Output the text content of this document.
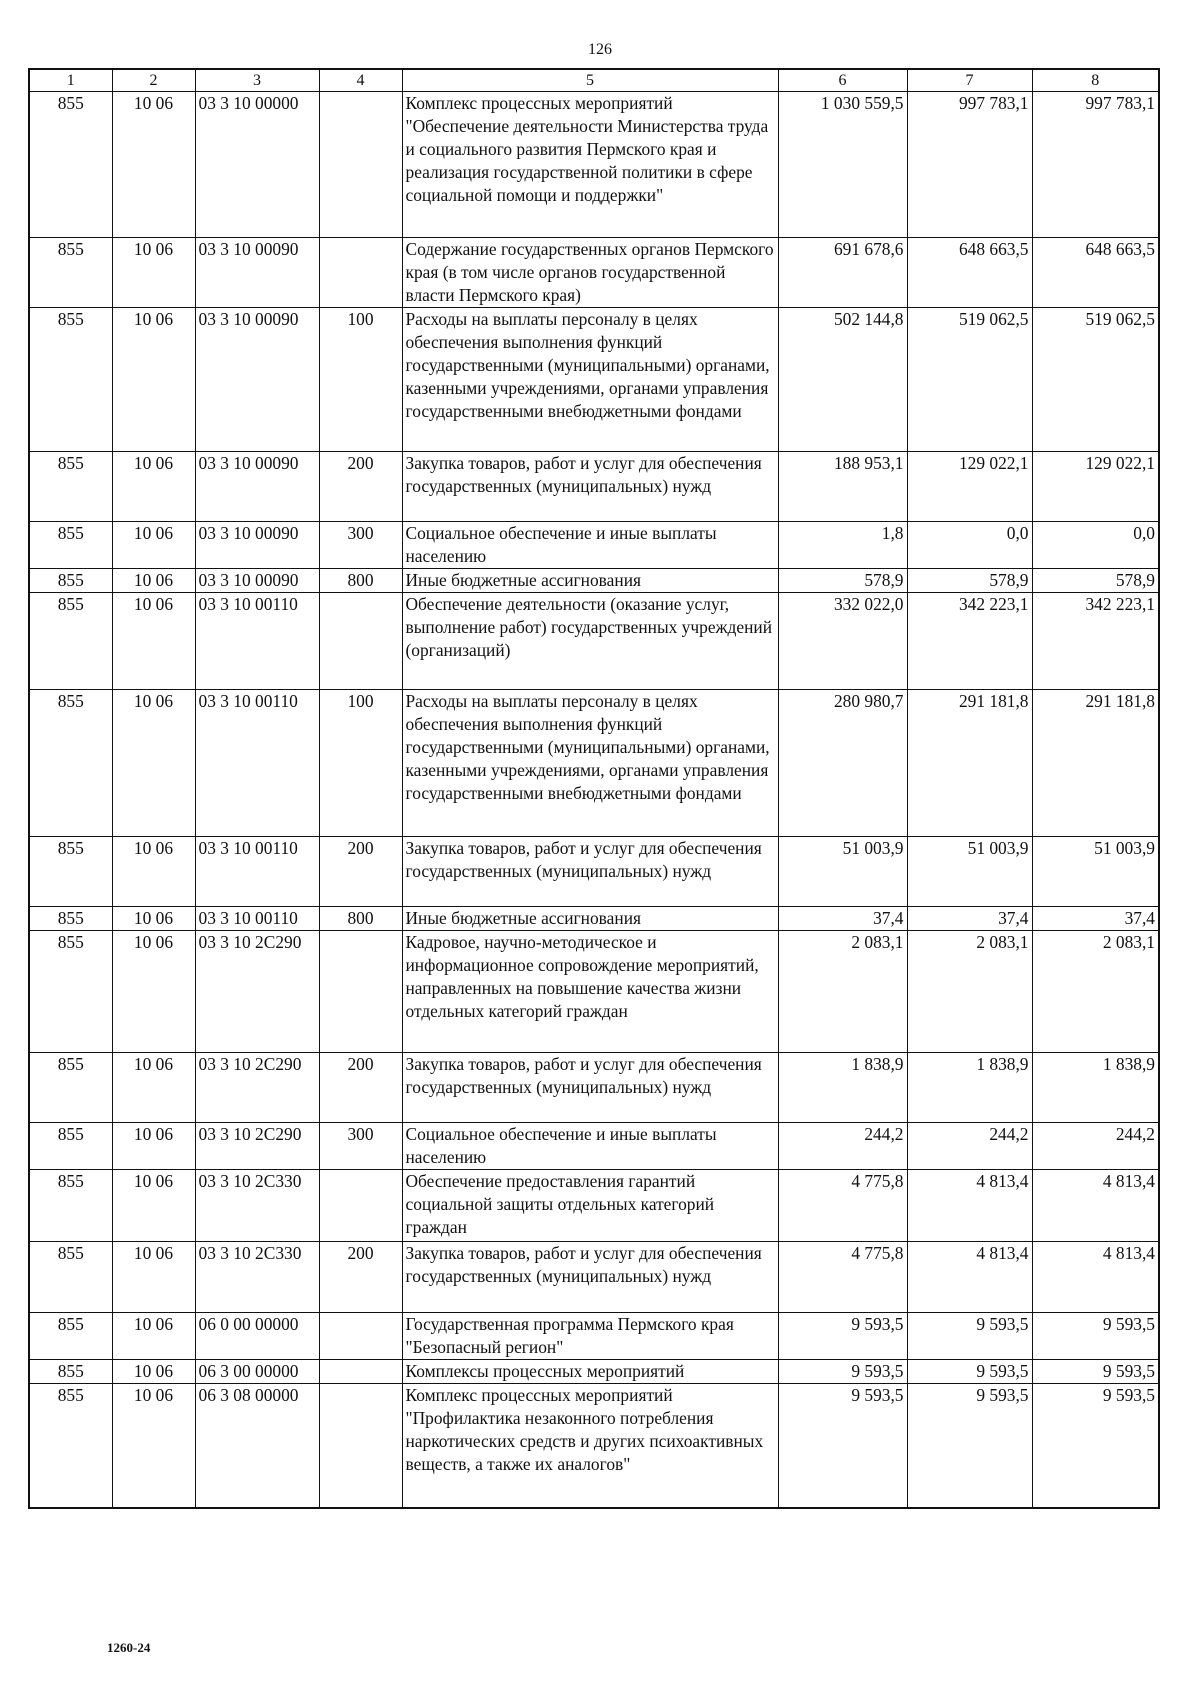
126
1	2	3	4	5	6	7	8
855	10 06	03 3 10 00000		Комплекс процессных мероприятий "Обеспечение деятельности Министерства труда и социального развития Пермского края и реализация государственной политики в сфере социальной помощи и поддержки"	1 030 559,5	997 783,1	997 783,1
855	10 06	03 3 10 00090		Содержание государственных органов Пермского края (в том числе органов государственной власти Пермского края)	691 678,6	648 663,5	648 663,5
855	10 06	03 3 10 00090	100	Расходы на выплаты персоналу в целях обеспечения выполнения функций государственными (муниципальными) органами, казенными учреждениями, органами управления государственными внебюджетными фондами	502 144,8	519 062,5	519 062,5
855	10 06	03 3 10 00090	200	Закупка товаров, работ и услуг для обеспечения государственных (муниципальных) нужд	188 953,1	129 022,1	129 022,1
855	10 06	03 3 10 00090	300	Социальное обеспечение и иные выплаты населению	1,8	0,0	0,0
855	10 06	03 3 10 00090	800	Иные бюджетные ассигнования	578,9	578,9	578,9
855	10 06	03 3 10 00110		Обеспечение деятельности (оказание услуг, выполнение работ) государственных учреждений (организаций)	332 022,0	342 223,1	342 223,1
855	10 06	03 3 10 00110	100	Расходы на выплаты персоналу в целях обеспечения выполнения функций государственными (муниципальными) органами, казенными учреждениями, органами управления государственными внебюджетными фондами	280 980,7	291 181,8	291 181,8
855	10 06	03 3 10 00110	200	Закупка товаров, работ и услуг для обеспечения государственных (муниципальных) нужд	51 003,9	51 003,9	51 003,9
855	10 06	03 3 10 00110	800	Иные бюджетные ассигнования	37,4	37,4	37,4
855	10 06	03 3 10 2C290		Кадровое, научно-методическое и информационное сопровождение мероприятий, направленных на повышение качества жизни отдельных категорий граждан	2 083,1	2 083,1	2 083,1
855	10 06	03 3 10 2C290	200	Закупка товаров, работ и услуг для обеспечения государственных (муниципальных) нужд	1 838,9	1 838,9	1 838,9
855	10 06	03 3 10 2C290	300	Социальное обеспечение и иные выплаты населению	244,2	244,2	244,2
855	10 06	03 3 10 2C330		Обеспечение предоставления гарантий социальной защиты отдельных категорий граждан	4 775,8	4 813,4	4 813,4
855	10 06	03 3 10 2C330	200	Закупка товаров, работ и услуг для обеспечения государственных (муниципальных) нужд	4 775,8	4 813,4	4 813,4
855	10 06	06 0 00 00000		Государственная программа Пермского края "Безопасный регион"	9 593,5	9 593,5	9 593,5
855	10 06	06 3 00 00000		Комплексы процессных мероприятий	9 593,5	9 593,5	9 593,5
855	10 06	06 3 08 00000		Комплекс процессных мероприятий "Профилактика незаконного потребления наркотических средств и других психоактивных веществ, а также их аналогов"	9 593,5	9 593,5	9 593,5
1260-24
